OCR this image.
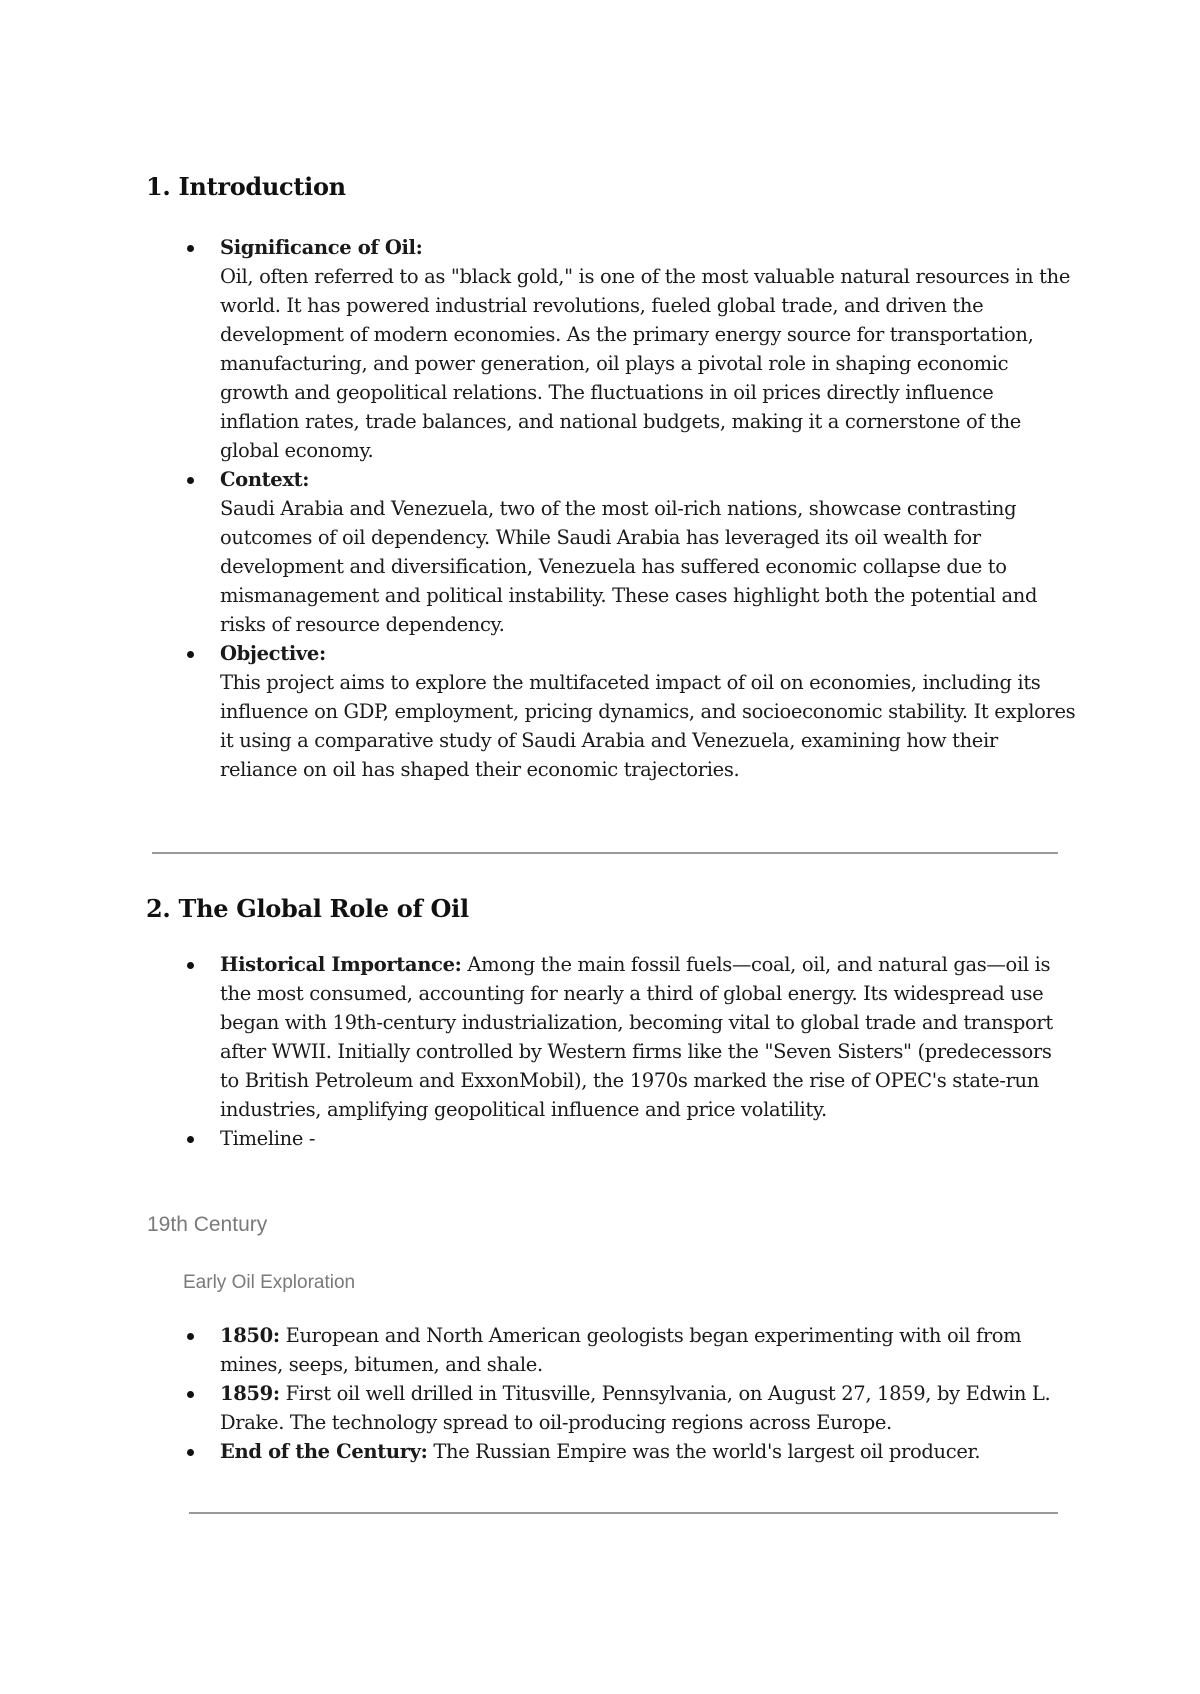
1. Introduction
Significance of Oil:
Oil, often referred to as "black gold," is one of the most valuable natural resources in the world. It has powered industrial revolutions, fueled global trade, and driven the development of modern economies. As the primary energy source for transportation, manufacturing, and power generation, oil plays a pivotal role in shaping economic growth and geopolitical relations. The fluctuations in oil prices directly influence inflation rates, trade balances, and national budgets, making it a cornerstone of the global economy.
Context:
Saudi Arabia and Venezuela, two of the most oil-rich nations, showcase contrasting outcomes of oil dependency. While Saudi Arabia has leveraged its oil wealth for development and diversification, Venezuela has suffered economic collapse due to mismanagement and political instability. These cases highlight both the potential and risks of resource dependency.
Objective:
This project aims to explore the multifaceted impact of oil on economies, including its influence on GDP, employment, pricing dynamics, and socioeconomic stability. It explores it using a comparative study of Saudi Arabia and Venezuela, examining how their reliance on oil has shaped their economic trajectories.
2. The Global Role of Oil
Historical Importance: Among the main fossil fuels—coal, oil, and natural gas—oil is the most consumed, accounting for nearly a third of global energy. Its widespread use began with 19th-century industrialization, becoming vital to global trade and transport after WWII. Initially controlled by Western firms like the "Seven Sisters" (predecessors to British Petroleum and ExxonMobil), the 1970s marked the rise of OPEC's state-run industries, amplifying geopolitical influence and price volatility.
Timeline -
19th Century
Early Oil Exploration
1850: European and North American geologists began experimenting with oil from mines, seeps, bitumen, and shale.
1859: First oil well drilled in Titusville, Pennsylvania, on August 27, 1859, by Edwin L. Drake. The technology spread to oil-producing regions across Europe.
End of the Century: The Russian Empire was the world's largest oil producer.
